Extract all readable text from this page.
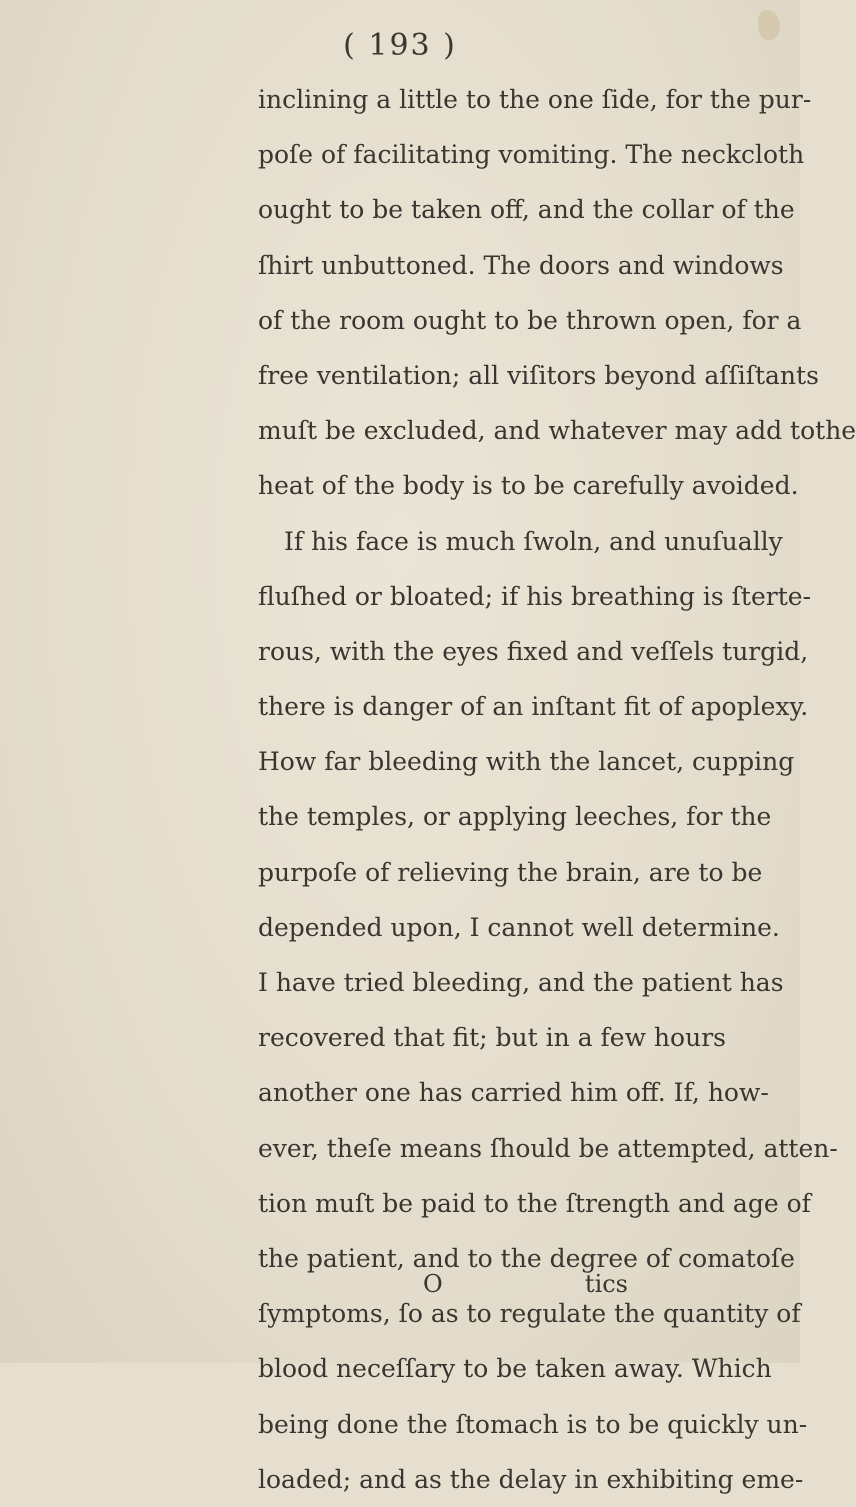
( 193 )
inclining a little to the one ſide, for the pur-
poſe of facilitating vomiting. The neckcloth
ought to be taken off, and the collar of the
ſhirt unbuttoned. The doors and windows
of the room ought to be thrown open, for a
free ventilation; all viſitors beyond aſſiſtants
muſt be excluded, and whatever may add tothe
heat of the body is to be carefully avoided.
If his face is much ſwoln, and unuſually
fluſhed or bloated; if his breathing is ſterte-
rous, with the eyes fixed and veſſels turgid,
there is danger of an inſtant fit of apoplexy.
How far bleeding with the lancet, cupping
the temples, or applying leeches, for the
purpoſe of relieving the brain, are to be
depended upon, I cannot well determine.
I have tried bleeding, and the patient has
recovered that fit; but in a few hours
another one has carried him off. If, how-
ever, theſe means ſhould be attempted, atten-
tion muſt be paid to the ſtrength and age of
the patient, and to the degree of comatoſe
ſymptoms, ſo as to regulate the quantity of
blood neceſſary to be taken away. Which
being done the ſtomach is to be quickly un-
loaded; and as the delay in exhibiting eme-
O	tics
